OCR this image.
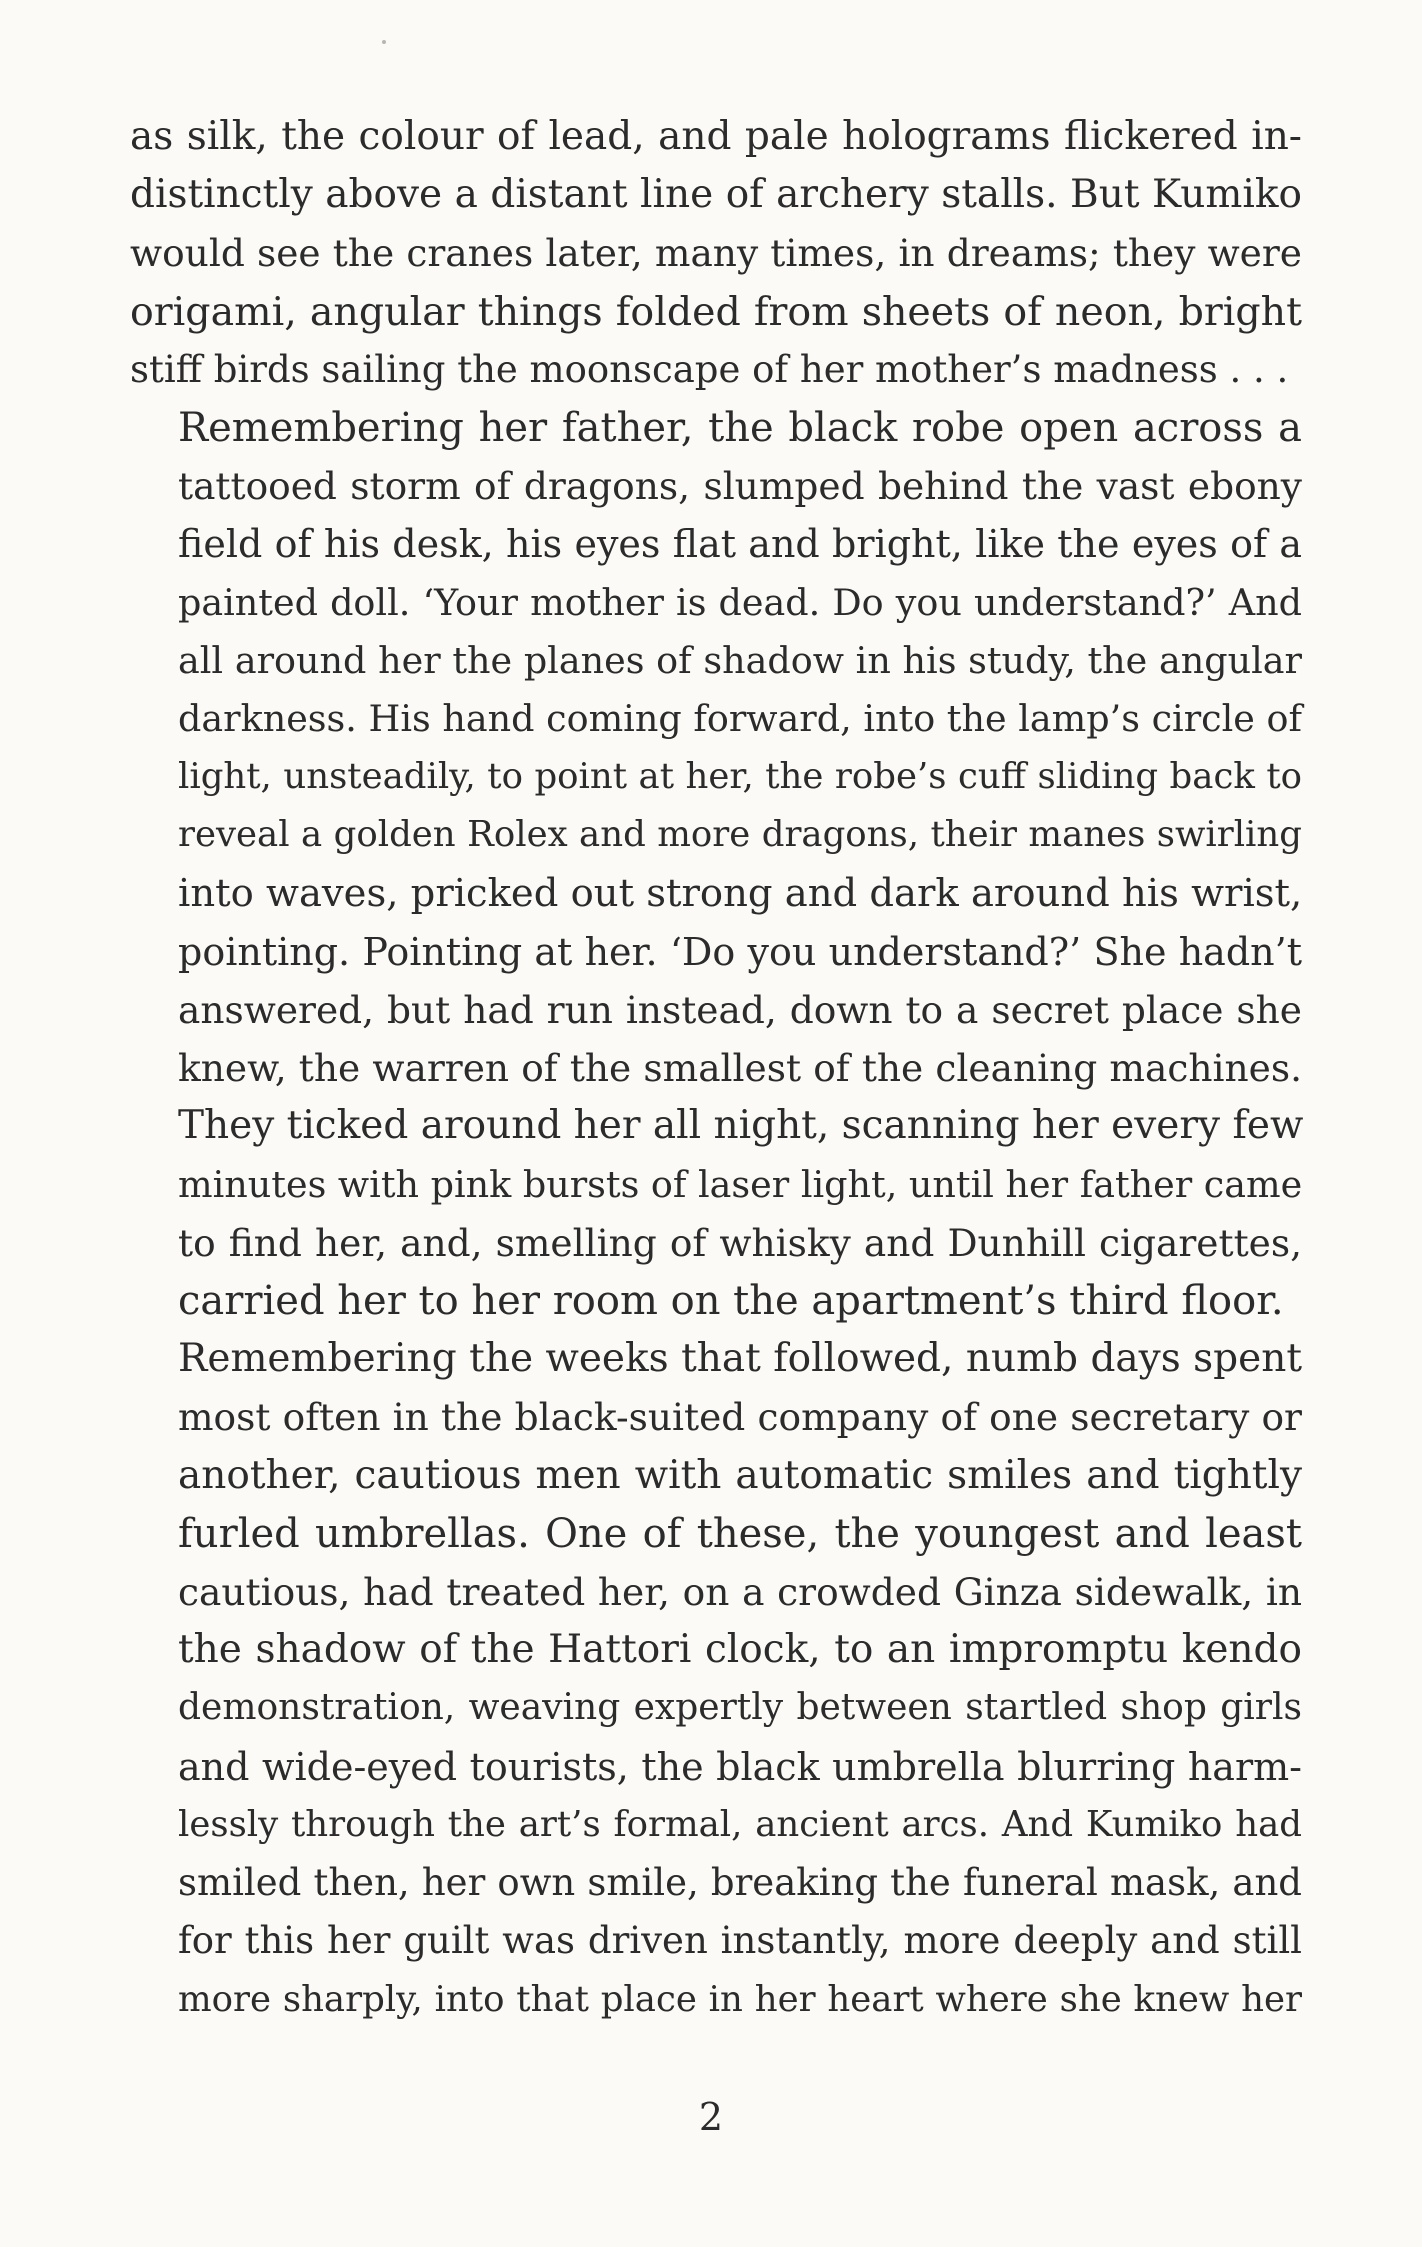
as silk, the colour of lead, and pale holograms flickered in-
distinctly above a distant line of archery stalls. But Kumiko
would see the cranes later, many times, in dreams; they were
origami, angular things folded from sheets of neon, bright
stiff birds sailing the moonscape of her mother’s madness . . .
Remembering her father, the black robe open across a
tattooed storm of dragons, slumped behind the vast ebony
field of his desk, his eyes flat and bright, like the eyes of a
painted doll. ‘Your mother is dead. Do you understand?’ And
all around her the planes of shadow in his study, the angular
darkness. His hand coming forward, into the lamp’s circle of
light, unsteadily, to point at her, the robe’s cuff sliding back to
reveal a golden Rolex and more dragons, their manes swirling
into waves, pricked out strong and dark around his wrist,
pointing. Pointing at her. ‘Do you understand?’ She hadn’t
answered, but had run instead, down to a secret place she
knew, the warren of the smallest of the cleaning machines.
They ticked around her all night, scanning her every few
minutes with pink bursts of laser light, until her father came
to find her, and, smelling of whisky and Dunhill cigarettes,
carried her to her room on the apartment’s third floor.
Remembering the weeks that followed, numb days spent
most often in the black-suited company of one secretary or
another, cautious men with automatic smiles and tightly
furled umbrellas. One of these, the youngest and least
cautious, had treated her, on a crowded Ginza sidewalk, in
the shadow of the Hattori clock, to an impromptu kendo
demonstration, weaving expertly between startled shop girls
and wide-eyed tourists, the black umbrella blurring harm-
lessly through the art’s formal, ancient arcs. And Kumiko had
smiled then, her own smile, breaking the funeral mask, and
for this her guilt was driven instantly, more deeply and still
more sharply, into that place in her heart where she knew her
2
